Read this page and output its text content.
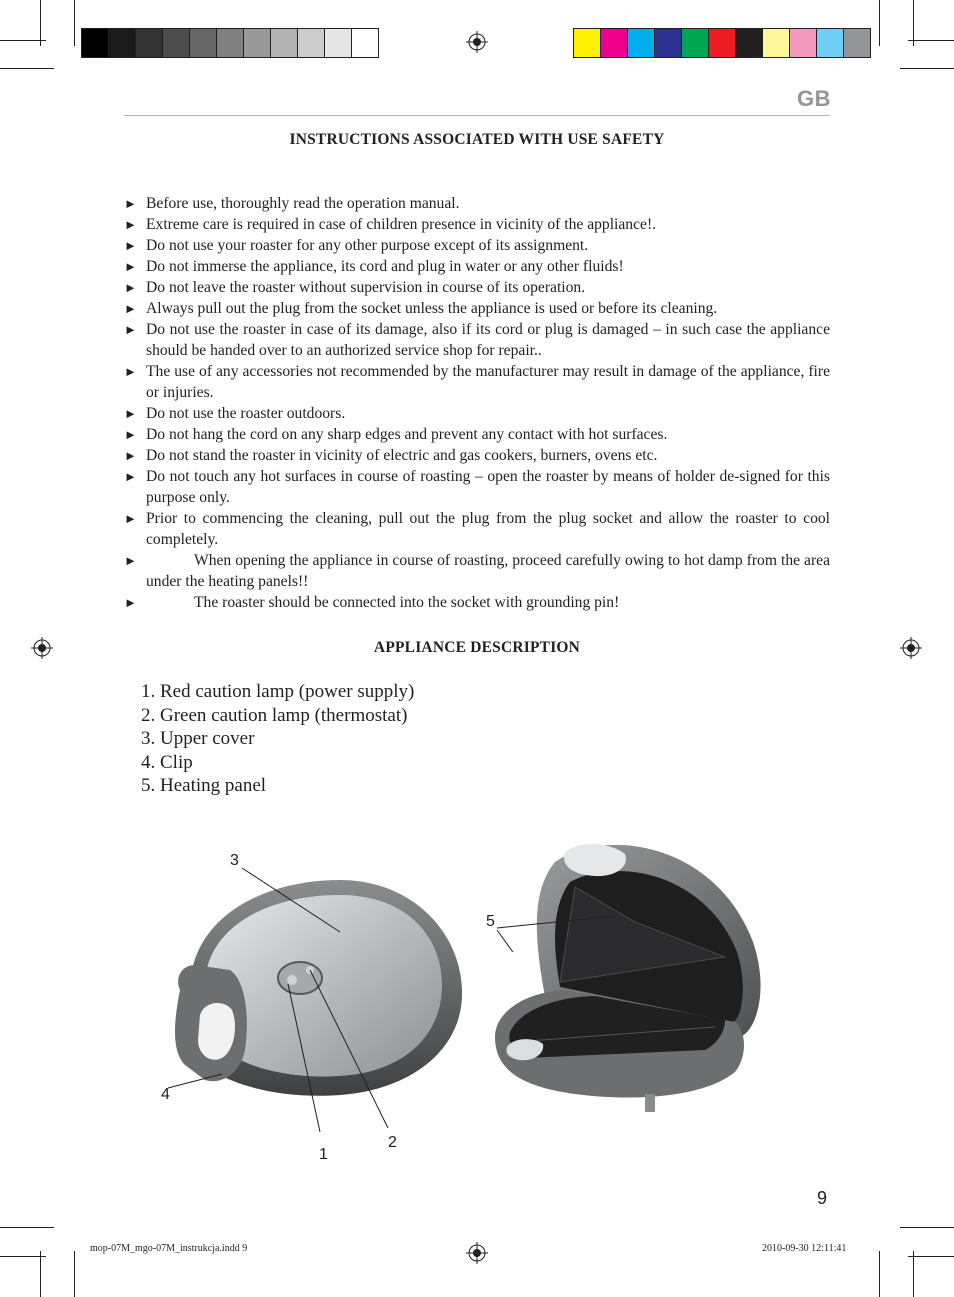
GB
INSTRUCTIONS ASSOCIATED WITH USE SAFETY
► Before use, thoroughly read the operation manual.
► Extreme care is required in case of children presence in vicinity of the appliance!.
► Do not use your roaster for any other purpose except of its assignment.
► Do not immerse the appliance, its cord and plug in water or any other fluids!
► Do not leave the roaster without supervision in course of its operation.
► Always pull out the plug from the socket unless the appliance is used or before its cleaning.
► Do not use the roaster in case of its damage, also if its cord or plug is damaged – in such case the appliance should be handed over to an authorized service shop for repair..
► The use of any accessories not recommended by the manufacturer may result in damage of the appliance, fire or injuries.
► Do not use the roaster outdoors.
► Do not hang the cord on any sharp edges and prevent any contact with hot surfaces.
► Do not stand the roaster in vicinity of electric and gas cookers, burners, ovens etc.
► Do not touch any hot surfaces in course of roasting – open the roaster by means of holder de-signed for this purpose only.
► Prior to commencing the cleaning, pull out the plug from the plug socket and allow the roaster to cool completely.
►	When opening the appliance in course of roasting, proceed carefully owing to hot damp from the area under the heating panels!!
►	The roaster should be connected into the socket with grounding pin!
APPLIANCE DESCRIPTION
1. Red caution lamp (power supply)
2. Green caution lamp (thermostat)
3. Upper cover
4. Clip
5. Heating panel
3
4
1
2
5
9
mop-07M_mgo-07M_instrukcja.indd 9	2010-09-30 12:11:41
